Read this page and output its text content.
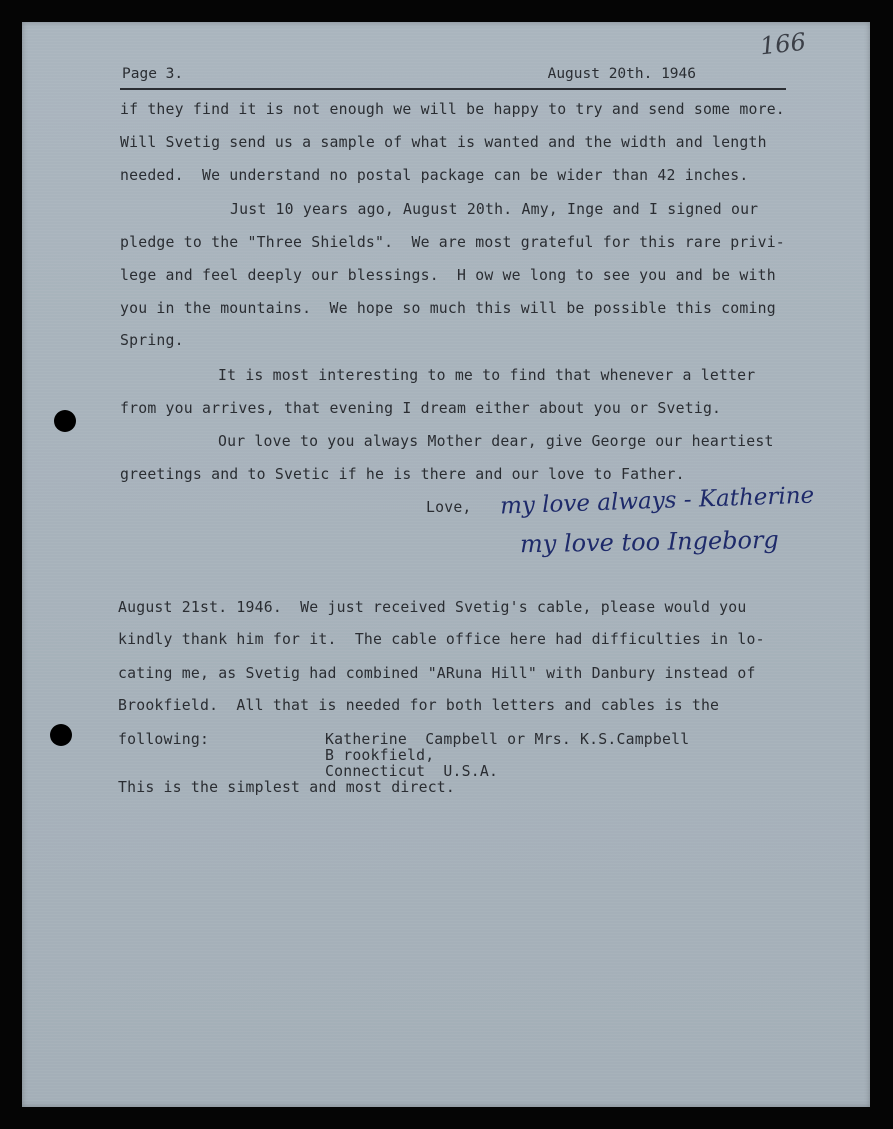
166
Page 3.	August 20th. 1946
if they find it is not enough we will be happy to try and send some more.
Will Svetig send us a sample of what is wanted and the width and length
needed.  We understand no postal package can be wider than 42 inches.
Just 10 years ago, August 20th. Amy, Inge and I signed our
pledge to the "Three Shields".  We are most grateful for this rare privi-
lege and feel deeply our blessings.  H ow we long to see you and be with
you in the mountains.  We hope so much this will be possible this coming
Spring.
It is most interesting to me to find that whenever a letter
from you arrives, that evening I dream either about you or Svetig.
Our love to you always Mother dear, give George our heartiest
greetings and to Svetic if he is there and our love to Father.
Love, my love always - Katherine
my love too Ingeborg
August 21st. 1946.  We just received Svetig's cable, please would you
kindly thank him for it.  The cable office here had difficulties in lo-
cating me, as Svetig had combined "ARuna Hill" with Danbury instead of
Brookfield.  All that is needed for both letters and cables is the
following:	Katherine  Campbell or Mrs. K.S.Campbell
B rookfield,
Connecticut  U.S.A.
This is the simplest and most direct.
